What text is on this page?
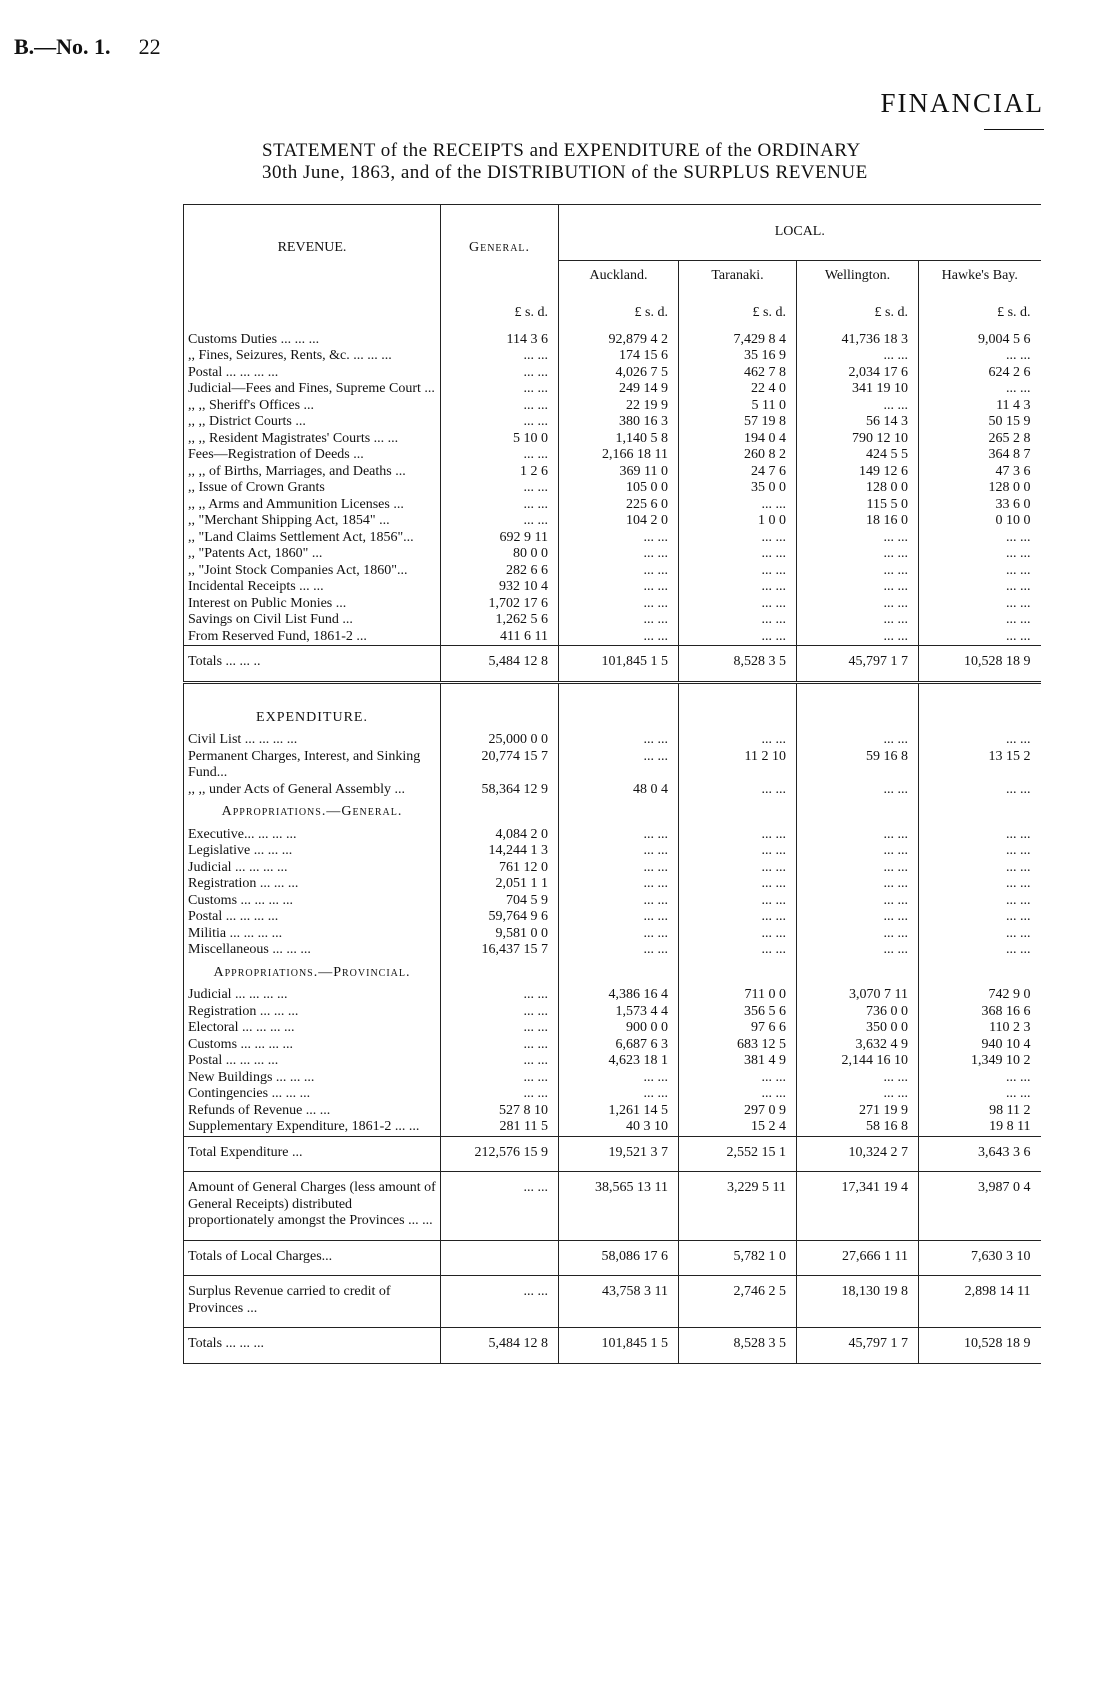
B.—No. 1. 22
FINANCIAL
STATEMENT of the RECEIPTS and EXPENDITURE of the ORDINARY
30th June, 1863, and of the DISTRIBUTION of the SURPLUS REVENUE
REVENUE.	General.	LOCAL.			
		Auckland.	Taranaki.	Wellington.	Hawke's Bay.
	£ s. d.	£ s. d.	£ s. d.	£ s. d.	£ s. d.
Customs Duties ... ... ...	114 3 6	92,879 4 2	7,429 8 4	41,736 18 3	9,004 5 6
,, Fines, Seizures, Rents, &c. ... ... ...	... ...	174 15 6	35 16 9	... ...	... ...
Postal ... ... ... ...	... ...	4,026 7 5	462 7 8	2,034 17 6	624 2 6
Judicial—Fees and Fines, Supreme Court ...	... ...	249 14 9	22 4 0	341 19 10	... ...
,, ,, Sheriff's Offices ...	... ...	22 19 9	5 11 0	... ...	11 4 3
,, ,, District Courts ...	... ...	380 16 3	57 19 8	56 14 3	50 15 9
,, ,, Resident Magistrates' Courts ... ...	5 10 0	1,140 5 8	194 0 4	790 12 10	265 2 8
Fees—Registration of Deeds ...	... ...	2,166 18 11	260 8 2	424 5 5	364 8 7
,, ,, of Births, Marriages, and Deaths ...	1 2 6	369 11 0	24 7 6	149 12 6	47 3 6
,, Issue of Crown Grants	... ...	105 0 0	35 0 0	128 0 0	128 0 0
,, ,, Arms and Ammunition Licenses ...	... ...	225 6 0	... ...	115 5 0	33 6 0
,, "Merchant Shipping Act, 1854" ...	... ...	104 2 0	1 0 0	18 16 0	0 10 0
,, "Land Claims Settlement Act, 1856"...	692 9 11	... ...	... ...	... ...	... ...
,, "Patents Act, 1860" ...	80 0 0	... ...	... ...	... ...	... ...
,, "Joint Stock Companies Act, 1860"...	282 6 6	... ...	... ...	... ...	... ...
Incidental Receipts ... ...	932 10 4	... ...	... ...	... ...	... ...
Interest on Public Monies ...	1,702 17 6	... ...	... ...	... ...	... ...
Savings on Civil List Fund ...	1,262 5 6	... ...	... ...	... ...	... ...
From Reserved Fund, 1861-2 ...	411 6 11	... ...	... ...	... ...	... ...
Totals ... ... ..	5,484 12 8	101,845 1 5	8,528 3 5	45,797 1 7	10,528 18 9

EXPENDITURE.					
Civil List ... ... ... ...	25,000 0 0	... ...	... ...	... ...	... ...
Permanent Charges, Interest, and Sinking Fund...	20,774 15 7	... ...	11 2 10	59 16 8	13 15 2
,, ,, under Acts of General Assembly ...	58,364 12 9	48 0 4	... ...	... ...	... ...
Appropriations.—General.					
Executive... ... ... ...	4,084 2 0	... ...	... ...	... ...	... ...
Legislative ... ... ...	14,244 1 3	... ...	... ...	... ...	... ...
Judicial ... ... ... ...	761 12 0	... ...	... ...	... ...	... ...
Registration ... ... ...	2,051 1 1	... ...	... ...	... ...	... ...
Customs ... ... ... ...	704 5 9	... ...	... ...	... ...	... ...
Postal ... ... ... ...	59,764 9 6	... ...	... ...	... ...	... ...
Militia ... ... ... ...	9,581 0 0	... ...	... ...	... ...	... ...
Miscellaneous ... ... ...	16,437 15 7	... ...	... ...	... ...	... ...
Appropriations.—Provincial.					
Judicial ... ... ... ...	... ...	4,386 16 4	711 0 0	3,070 7 11	742 9 0
Registration ... ... ...	... ...	1,573 4 4	356 5 6	736 0 0	368 16 6
Electoral ... ... ... ...	... ...	900 0 0	97 6 6	350 0 0	110 2 3
Customs ... ... ... ...	... ...	6,687 6 3	683 12 5	3,632 4 9	940 10 4
Postal ... ... ... ...	... ...	4,623 18 1	381 4 9	2,144 16 10	1,349 10 2
New Buildings ... ... ...	... ...	... ...	... ...	... ...	... ...
Contingencies ... ... ...	... ...	... ...	... ...	... ...	... ...
Refunds of Revenue ... ...	527 8 10	1,261 14 5	297 0 9	271 19 9	98 11 2
Supplementary Expenditure, 1861-2 ... ...	281 11 5	40 3 10	15 2 4	58 16 8	19 8 11
Total Expenditure ...	212,576 15 9	19,521 3 7	2,552 15 1	10,324 2 7	3,643 3 6
Amount of General Charges (less amount of General Receipts) distributed proportionately amongst the Provinces ... ...	... ...	38,565 13 11	3,229 5 11	17,341 19 4	3,987 0 4
Totals of Local Charges...		58,086 17 6	5,782 1 0	27,666 1 11	7,630 3 10
Surplus Revenue carried to credit of Provinces ...	... ...	43,758 3 11	2,746 2 5	18,130 19 8	2,898 14 11
Totals ... ... ...	5,484 12 8	101,845 1 5	8,528 3 5	45,797 1 7	10,528 18 9
